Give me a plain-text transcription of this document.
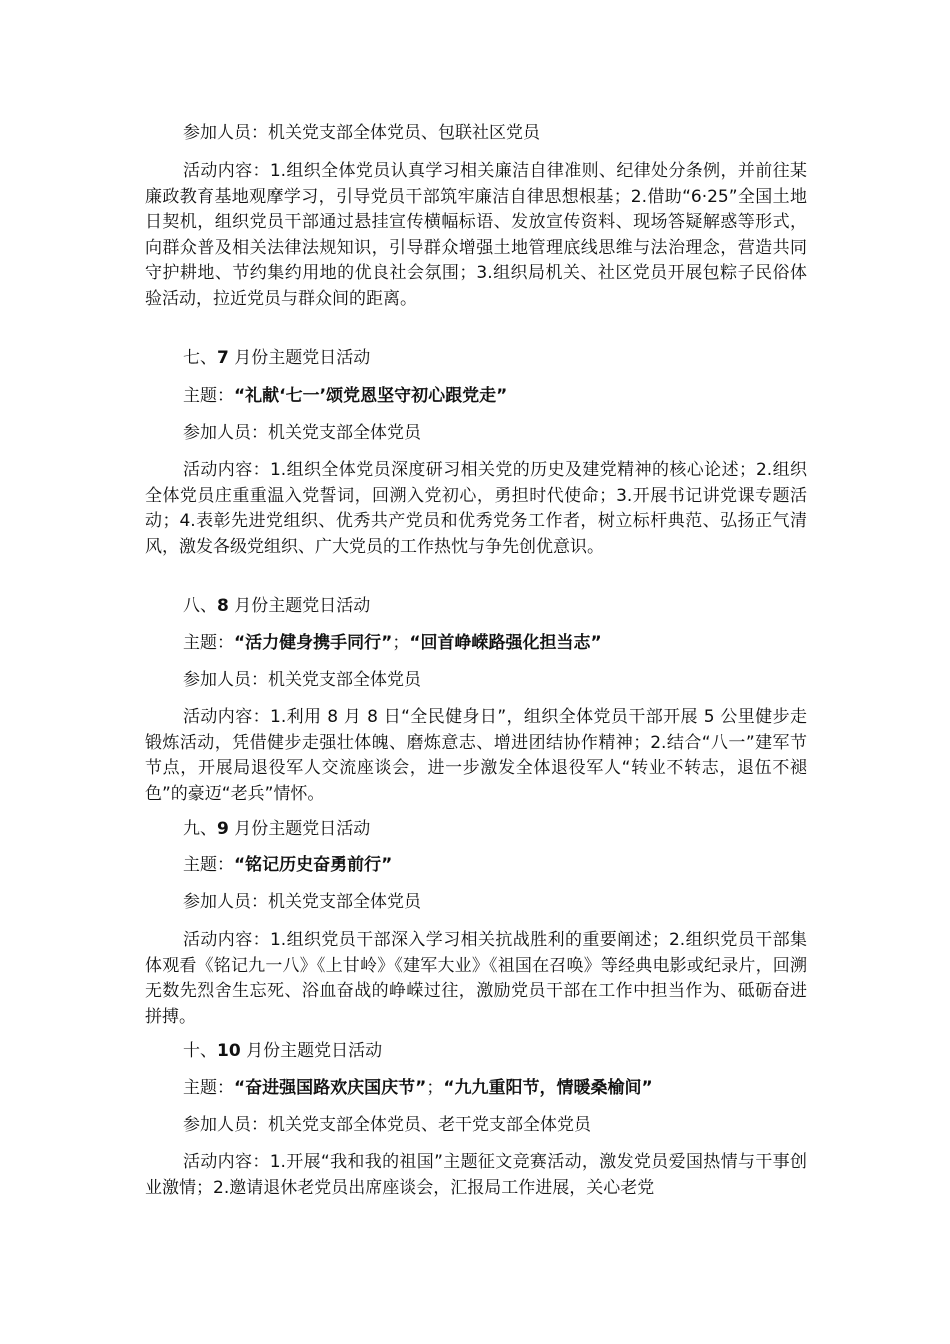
参加人员：机关党支部全体党员、包联社区党员

活动内容：1.组织全体党员认真学习相关廉洁自律准则、纪律处分条例，并前往某廉政教育基地观摩学习，引导党员干部筑牢廉洁自律思想根基；2.借助“6·25”全国土地日契机，组织党员干部通过悬挂宣传横幅标语、发放宣传资料、现场答疑解惑等形式，向群众普及相关法律法规知识，引导群众增强土地管理底线思维与法治理念，营造共同守护耕地、节约集约用地的优良社会氛围；3.组织局机关、社区党员开展包粽子民俗体验活动，拉近党员与群众间的距离。

七、7 月份主题党日活动

主题：“礼献‘七一’颂党恩坚守初心跟党走”

参加人员：机关党支部全体党员

活动内容：1.组织全体党员深度研习相关党的历史及建党精神的核心论述；2.组织全体党员庄重重温入党誓词，回溯入党初心，勇担时代使命；3.开展书记讲党课专题活动；4.表彰先进党组织、优秀共产党员和优秀党务工作者，树立标杆典范、弘扬正气清风，激发各级党组织、广大党员的工作热忱与争先创优意识。

八、8 月份主题党日活动

主题：“活力健身携手同行”；“回首峥嵘路强化担当志”

参加人员：机关党支部全体党员

活动内容：1.利用 8 月 8 日“全民健身日”，组织全体党员干部开展 5 公里健步走锻炼活动，凭借健步走强壮体魄、磨炼意志、增进团结协作精神；2.结合“八一”建军节节点，开展局退役军人交流座谈会，进一步激发全体退役军人“转业不转志，退伍不褪色”的豪迈“老兵”情怀。

九、9 月份主题党日活动

主题：“铭记历史奋勇前行”

参加人员：机关党支部全体党员

活动内容：1.组织党员干部深入学习相关抗战胜利的重要阐述；2.组织党员干部集体观看《铭记九一八》《上甘岭》《建军大业》《祖国在召唤》等经典电影或纪录片，回溯无数先烈舍生忘死、浴血奋战的峥嵘过往，激励党员干部在工作中担当作为、砥砺奋进拼搏。

十、10 月份主题党日活动

主题：“奋进强国路欢庆国庆节”；“九九重阳节，情暖桑榆间”

参加人员：机关党支部全体党员、老干党支部全体党员

活动内容：1.开展“我和我的祖国”主题征文竞赛活动，激发党员爱国热情与干事创业激情；2.邀请退休老党员出席座谈会，汇报局工作进展，关心老党
